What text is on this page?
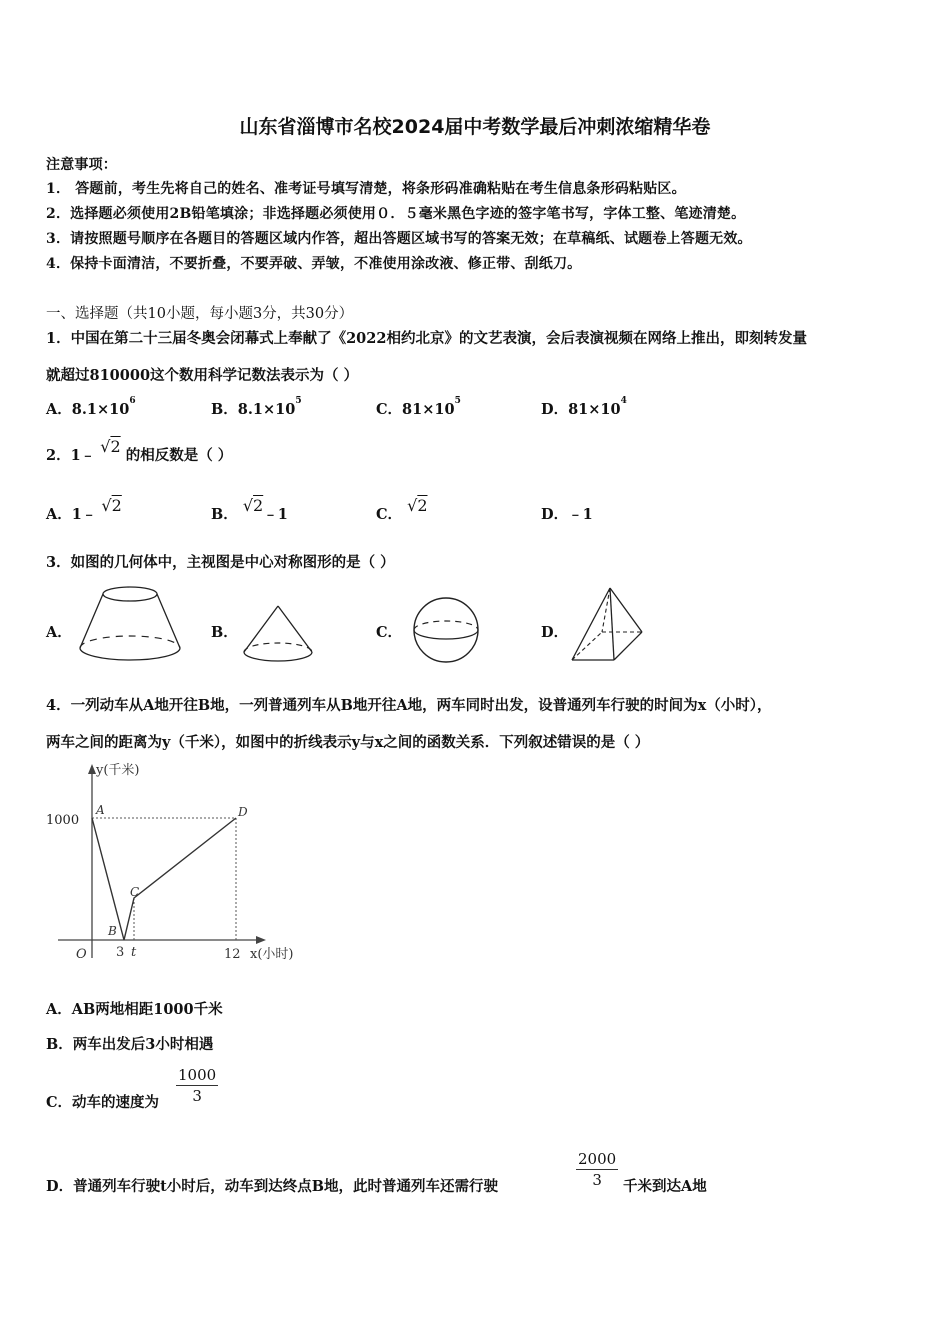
山东省淄博市名校2024届中考数学最后冲刺浓缩精华卷
注意事项：
1． 答题前，考生先将自己的姓名、准考证号填写清楚，将条形码准确粘贴在考生信息条形码粘贴区。
2．选择题必须使用2B铅笔填涂；非选择题必须使用０．５毫米黑色字迹的签字笔书写，字体工整、笔迹清楚。
3．请按照题号顺序在各题目的答题区域内作答，超出答题区域书写的答案无效；在草稿纸、试题卷上答题无效。
4．保持卡面清洁，不要折叠，不要弄破、弄皱，不准使用涂改液、修正带、刮纸刀。
一、选择题（共10小题，每小题3分，共30分）
1．中国在第二十三届冬奥会闭幕式上奉献了《2022相约北京》的文艺表演，会后表演视频在网络上推出，即刻转发量
就超过810000这个数用科学记数法表示为（ ）
A．$8.1\times 10^6$	B．$8.1\times 10^5$	C．$81\times 10^5$	D．$81\times 10^4$
2．1﹣ √2 的相反数是（ ）
A．1﹣ √2	B． √2﹣1	C． √2	D．﹣1
3．如图的几何体中，主视图是中心对称图形的是（ ）
A．	B．	C．	D．
4．一列动车从A地开往B地，一列普通列车从B地开往A地，两车同时出发，设普通列车行驶的时间为x（小时），
两车之间的距离为y（千米），如图中的折线表示y与x之间的函数关系．下列叙述错误的是（ ）
y(千米)
x(小时)
1000
O 3 t	12
A
B
C
D
A．AB两地相距1000千米
B．两车出发后3小时相遇
C．动车的速度为 $\frac{1000}{3}$
D．普通列车行驶t小时后，动车到达终点B地，此时普通列车还需行驶	$\frac{2000}{3}$ 千米到达A地
